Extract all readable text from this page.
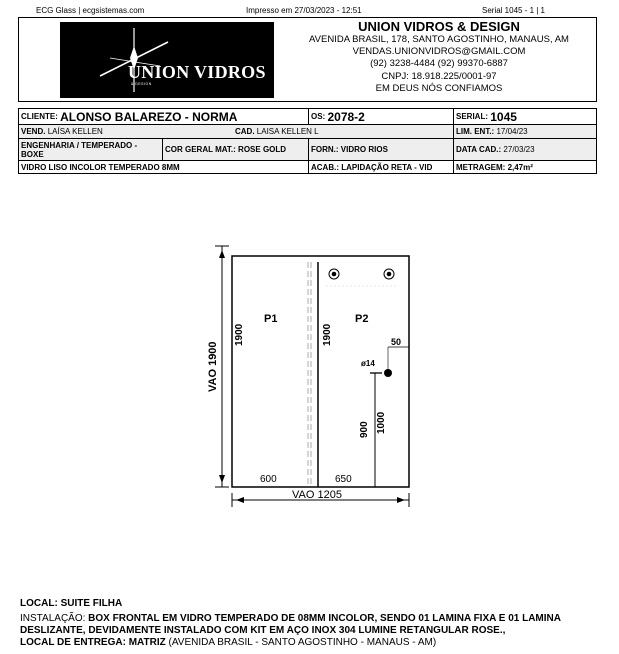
ECG Glass | ecgsistemas.com	Impresso em 27/03/2023 - 12:51	Serial 1045 - 1 | 1
UNION VIDROS
& DESIGN
UNION VIDROS & DESIGN
AVENIDA BRASIL, 178, SANTO AGOSTINHO, MANAUS, AM
VENDAS.UNIONVIDROS@GMAIL.COM
(92) 3238-4484 (92) 99370-6887
CNPJ: 18.918.225/0001-97
EM DEUS NÓS CONFIAMOS
CLIENTE:
ALONSO BALAREZO - NORMA	OS:
2078-2	SERIAL:
1045
VEND.
LAÍSA KELLEN	CAD.
LAISA KELLEN L	LIM. ENT.:
17/04/23
ENGENHARIA / TEMPERADO -
BOXE	COR GERAL MAT.:
ROSE GOLD	FORN.:
VIDRO RIOS	DATA CAD.:
27/03/23
VIDRO LISO INCOLOR TEMPERADO 8MM	ACAB.:
LAPIDAÇÃO RETA - VID	METRAGEM:
2,47m²
P1	P2
VAO 1900
1900	1900	50
ø14
1000
900
600	650
VAO 1205
LOCAL: SUITE FILHA
INSTALAÇÃO: BOX FRONTAL EM VIDRO TEMPERADO DE 08MM INCOLOR, SENDO 01 LAMINA FIXA E 01 LAMINA
DESLIZANTE, DEVIDAMENTE INSTALADO COM KIT EM AÇO INOX 304 LUMINE RETANGULAR ROSE.,
LOCAL DE ENTREGA: MATRIZ (AVENIDA BRASIL - SANTO AGOSTINHO - MANAUS - AM)
